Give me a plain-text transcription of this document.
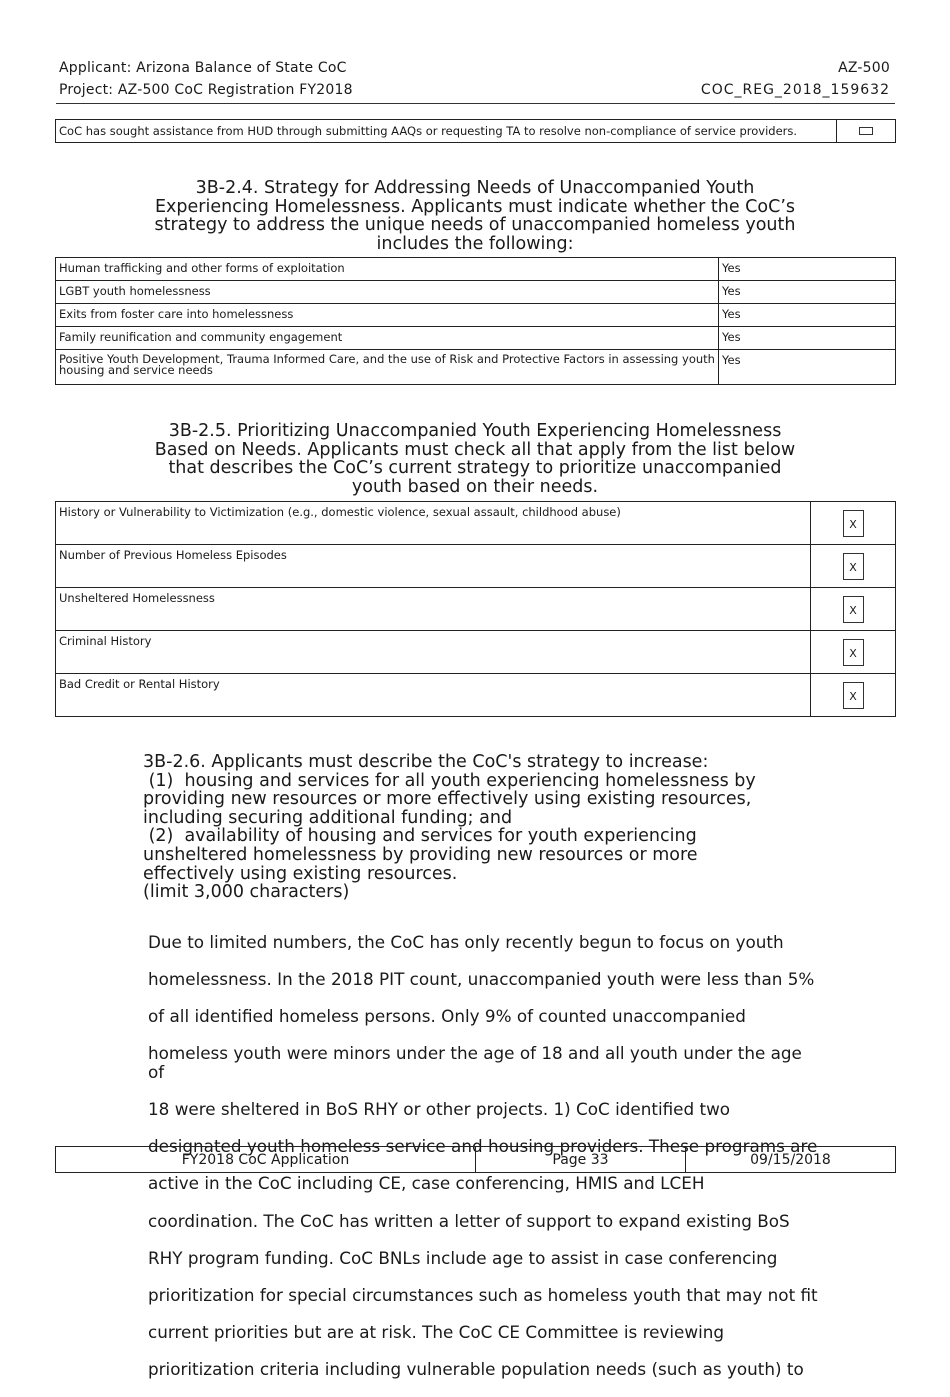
Applicant: Arizona Balance of State CoC
Project: AZ-500 CoC Registration FY2018
AZ-500
COC_REG_2018_159632
CoC has sought assistance from HUD through submitting AAQs or requesting TA to resolve non-compliance of service providers.	
3B-2.4. Strategy for Addressing Needs of Unaccompanied Youth
Experiencing Homelessness. Applicants must indicate whether the CoC’s
strategy to address the unique needs of unaccompanied homeless youth
includes the following:
Human trafficking and other forms of exploitation	Yes
LGBT youth homelessness	Yes
Exits from foster care into homelessness	Yes
Family reunification and community engagement	Yes
Positive Youth Development, Trauma Informed Care, and the use of Risk and Protective Factors in assessing youth housing and service needs	Yes
3B-2.5. Prioritizing Unaccompanied Youth Experiencing Homelessness
Based on Needs. Applicants must check all that apply from the list below
that describes the CoC’s current strategy to prioritize unaccompanied
youth based on their needs.
History or Vulnerability to Victimization (e.g., domestic violence, sexual assault, childhood abuse)	X
Number of Previous Homeless Episodes	X
Unsheltered Homelessness	X
Criminal History	X
Bad Credit or Rental History	X
3B-2.6. Applicants must describe the CoC's strategy to increase:
(1)  housing and services for all youth experiencing homelessness by
providing new resources or more effectively using existing resources,
including securing additional funding; and
(2)  availability of housing and services for youth experiencing
unsheltered homelessness by providing new resources or more
effectively using existing resources.
(limit 3,000 characters)

Due to limited numbers, the CoC has only recently begun to focus on youth

homelessness. In the 2018 PIT count, unaccompanied youth were less than 5%

of all identified homeless persons. Only 9% of counted unaccompanied

homeless youth were minors under the age of 18 and all youth under the age of

18 were sheltered in BoS RHY or other projects. 1) CoC identified two

designated youth homeless service and housing providers. These programs are

active in the CoC including CE, case conferencing, HMIS and LCEH

coordination. The CoC has written a letter of support to expand existing BoS

RHY program funding. CoC BNLs include age to assist in case conferencing

prioritization for special circumstances such as homeless youth that may not fit

current priorities but are at risk. The CoC CE Committee is reviewing

prioritization criteria including vulnerable population needs (such as youth) to

FY2018 CoC Application	Page 33	09/15/2018
